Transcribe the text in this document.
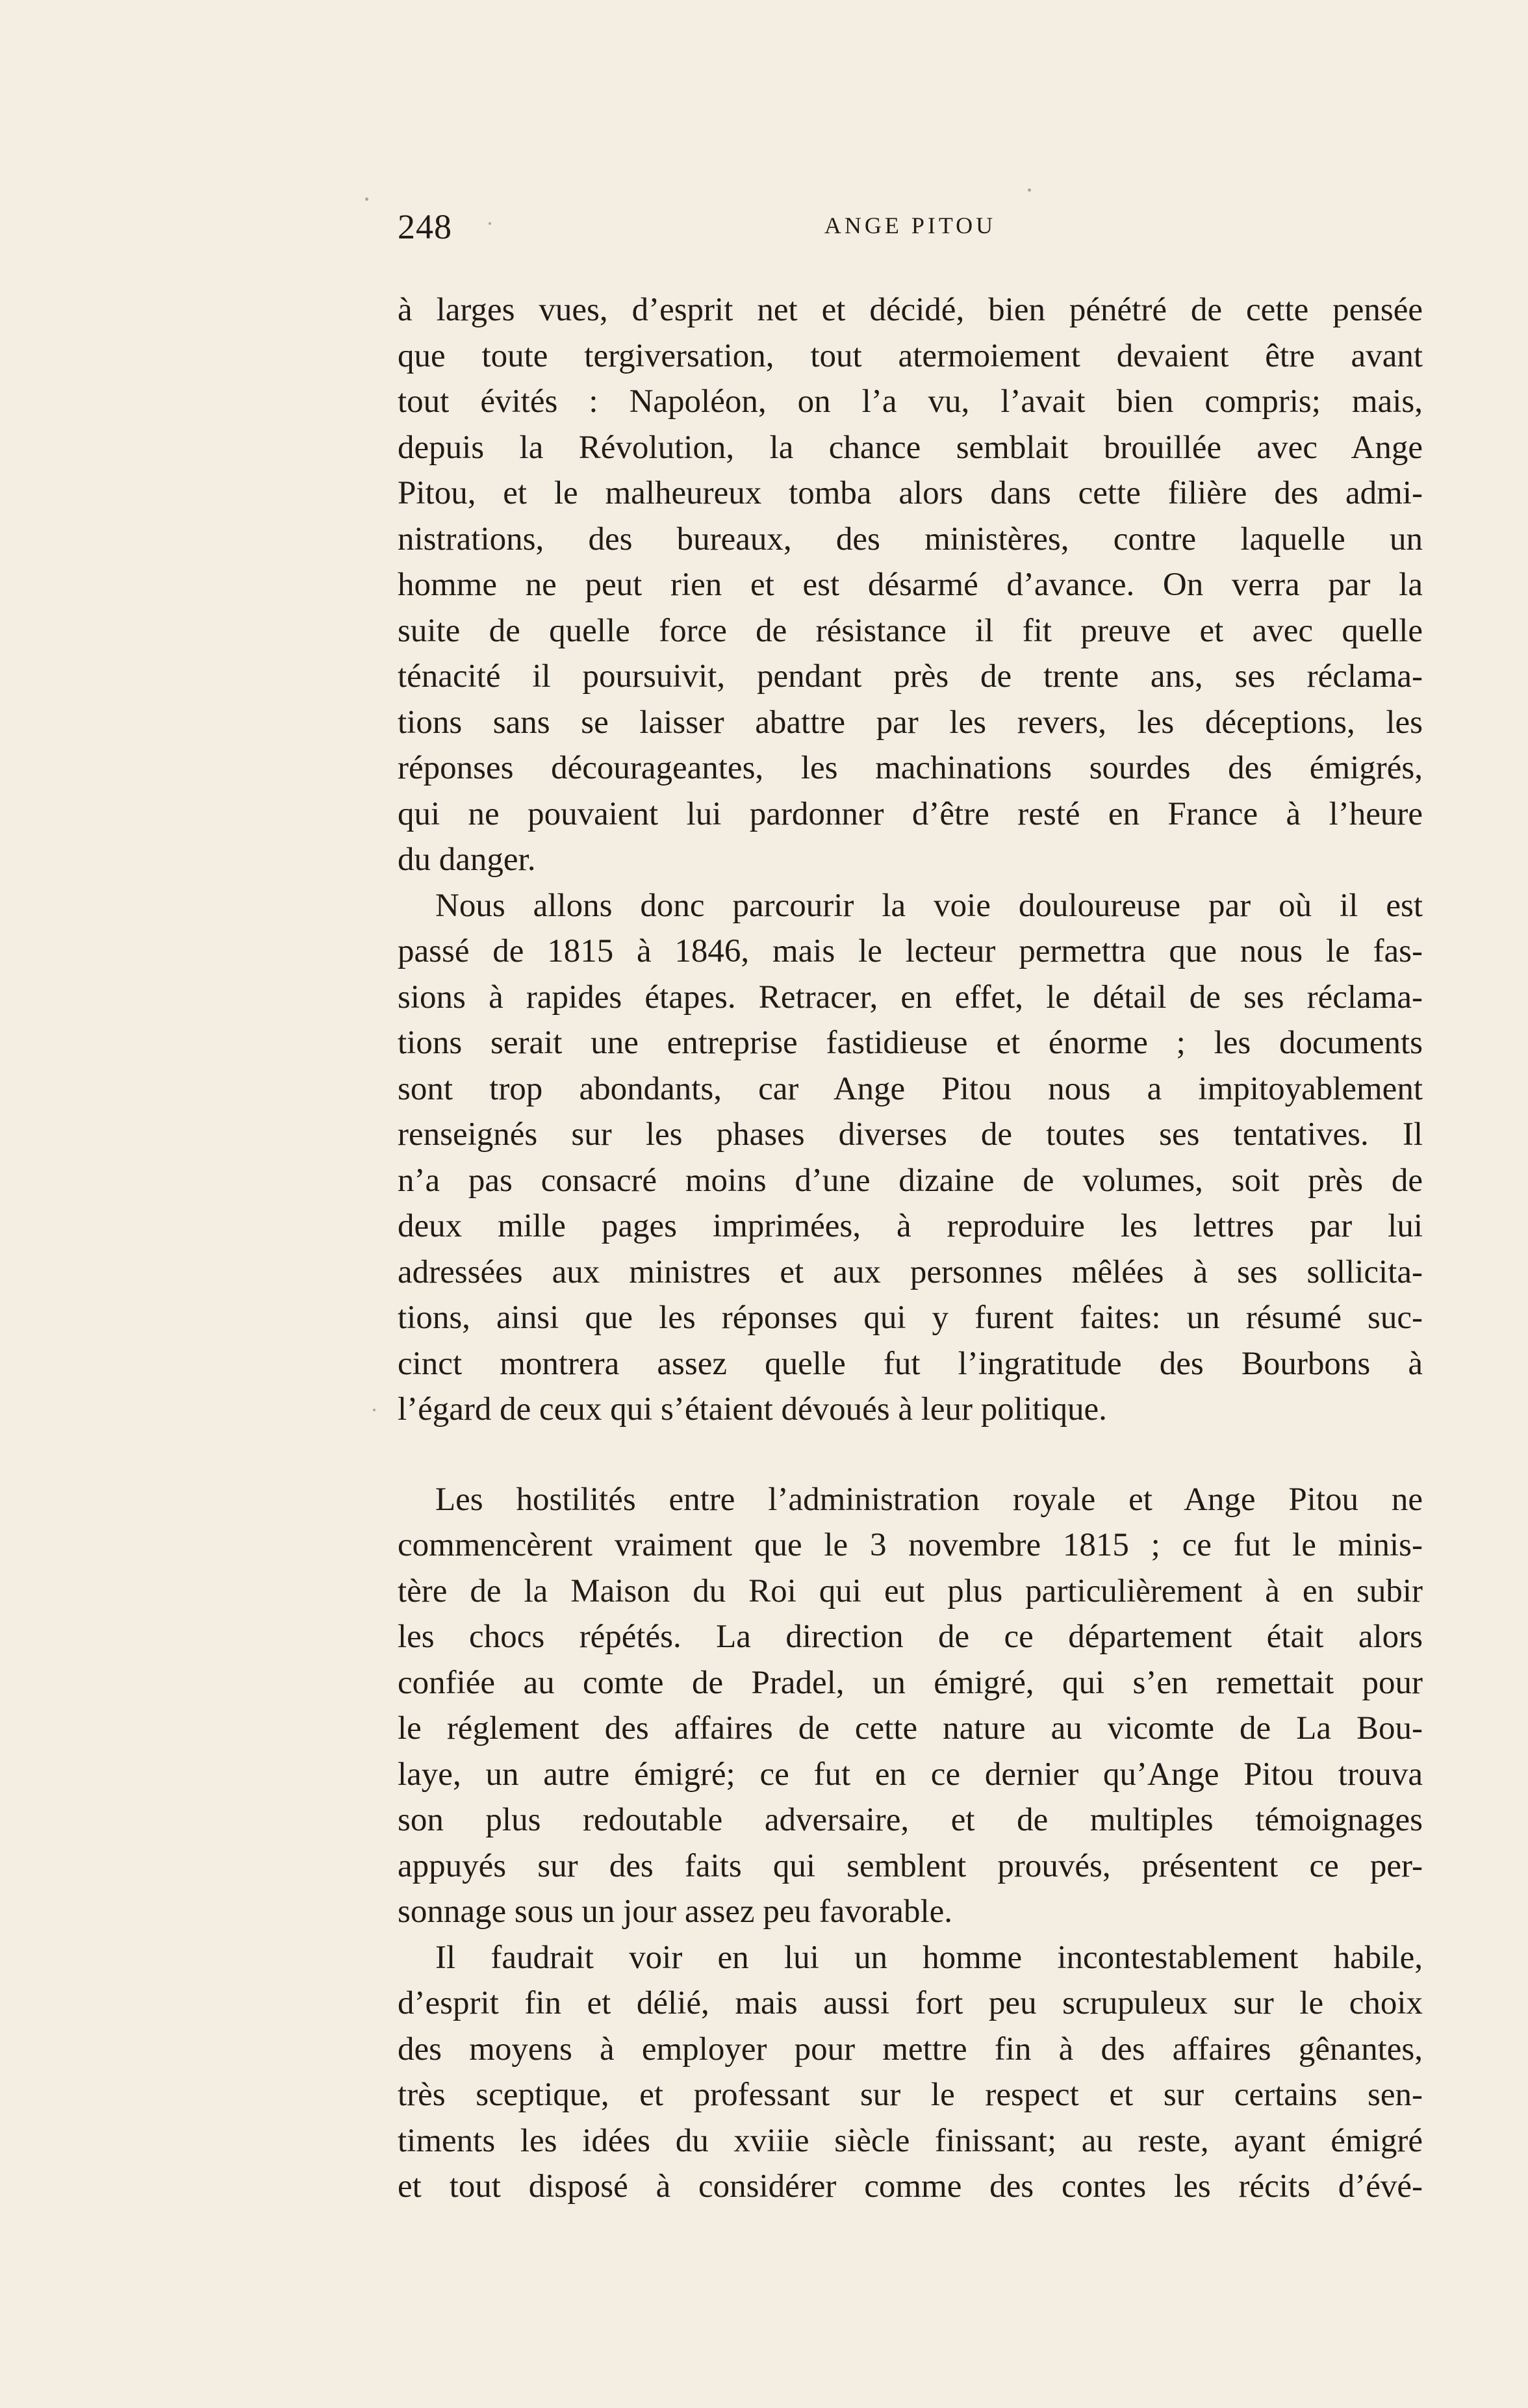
248	ANGE PITOU
à larges vues, d’esprit net et décidé, bien pénétré de cette pensée
que toute tergiversation, tout atermoiement devaient être avant
tout évités : Napoléon, on l’a vu, l’avait bien compris; mais,
depuis la Révolution, la chance semblait brouillée avec Ange
Pitou, et le malheureux tomba alors dans cette filière des admi-
nistrations, des bureaux, des ministères, contre laquelle un
homme ne peut rien et est désarmé d’avance. On verra par la
suite de quelle force de résistance il fit preuve et avec quelle
ténacité il poursuivit, pendant près de trente ans, ses réclama-
tions sans se laisser abattre par les revers, les déceptions, les
réponses décourageantes, les machinations sourdes des émigrés,
qui ne pouvaient lui pardonner d’être resté en France à l’heure
du danger.
Nous allons donc parcourir la voie douloureuse par où il est
passé de 1815 à 1846, mais le lecteur permettra que nous le fas-
sions à rapides étapes. Retracer, en effet, le détail de ses réclama-
tions serait une entreprise fastidieuse et énorme ; les documents
sont trop abondants, car Ange Pitou nous a impitoyablement
renseignés sur les phases diverses de toutes ses tentatives. Il
n’a pas consacré moins d’une dizaine de volumes, soit près de
deux mille pages imprimées, à reproduire les lettres par lui
adressées aux ministres et aux personnes mêlées à ses sollicita-
tions, ainsi que les réponses qui y furent faites: un résumé suc-
cinct montrera assez quelle fut l’ingratitude des Bourbons à
l’égard de ceux qui s’étaient dévoués à leur politique.
Les hostilités entre l’administration royale et Ange Pitou ne
commencèrent vraiment que le 3 novembre 1815 ; ce fut le minis-
tère de la Maison du Roi qui eut plus particulièrement à en subir
les chocs répétés. La direction de ce département était alors
confiée au comte de Pradel, un émigré, qui s’en remettait pour
le réglement des affaires de cette nature au vicomte de La Bou-
laye, un autre émigré; ce fut en ce dernier qu’Ange Pitou trouva
son plus redoutable adversaire, et de multiples témoignages
appuyés sur des faits qui semblent prouvés, présentent ce per-
sonnage sous un jour assez peu favorable.
Il faudrait voir en lui un homme incontestablement habile,
d’esprit fin et délié, mais aussi fort peu scrupuleux sur le choix
des moyens à employer pour mettre fin à des affaires gênantes,
très sceptique, et professant sur le respect et sur certains sen-
timents les idées du xviiie siècle finissant; au reste, ayant émigré
et tout disposé à considérer comme des contes les récits d’évé-
